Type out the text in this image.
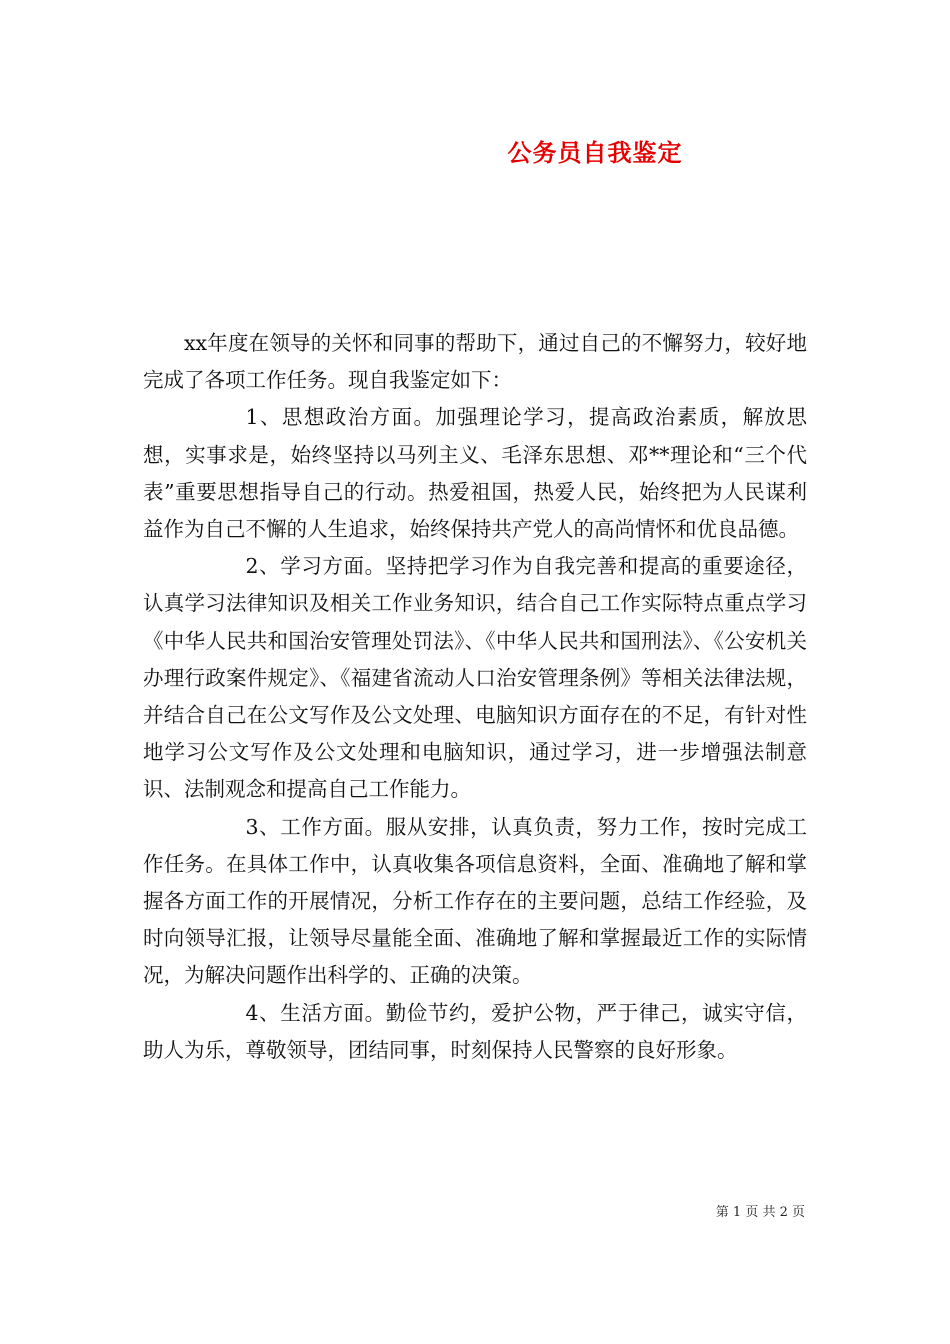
公务员自我鉴定

xx年度在领导的关怀和同事的帮助下，通过自己的不懈努力，较好地完成了各项工作任务。现自我鉴定如下：

1、思想政治方面。加强理论学习，提高政治素质，解放思想，实事求是，始终坚持以马列主义、毛泽东思想、邓**理论和“三个代表”重要思想指导自己的行动。热爱祖国，热爱人民，始终把为人民谋利益作为自己不懈的人生追求，始终保持共产党人的高尚情怀和优良品德。

2、学习方面。坚持把学习作为自我完善和提高的重要途径，认真学习法律知识及相关工作业务知识，结合自己工作实际特点重点学习《中华人民共和国治安管理处罚法》、《中华人民共和国刑法》、《公安机关办理行政案件规定》、《福建省流动人口治安管理条例》等相关法律法规，并结合自己在公文写作及公文处理、电脑知识方面存在的不足，有针对性地学习公文写作及公文处理和电脑知识，通过学习，进一步增强法制意识、法制观念和提高自己工作能力。

3、工作方面。服从安排，认真负责，努力工作，按时完成工作任务。在具体工作中，认真收集各项信息资料，全面、准确地了解和掌握各方面工作的开展情况，分析工作存在的主要问题，总结工作经验，及时向领导汇报，让领导尽量能全面、准确地了解和掌握最近工作的实际情况，为解决问题作出科学的、正确的决策。

4、生活方面。勤俭节约，爱护公物，严于律己，诚实守信，助人为乐，尊敬领导，团结同事，时刻保持人民警察的良好形象。

第 1 页 共 2 页
